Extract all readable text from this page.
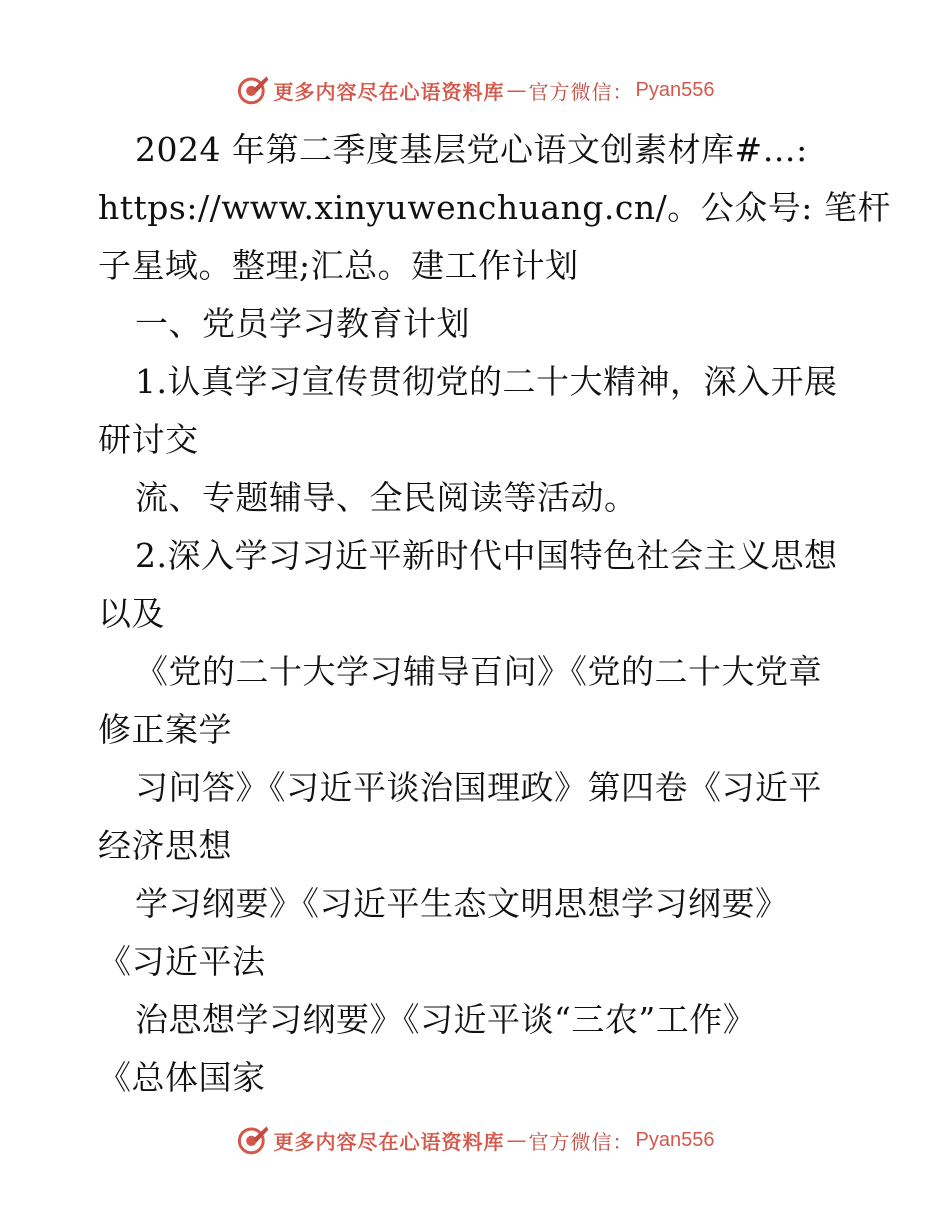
更多内容尽在心语资料库 — 官方微信： Pyan556
2024 年第二季度基层党心语文创素材库#…:
https://www.xinyuwenchuang.cn/。公众号: 笔杆
子星域。整理;汇总。建工作计划
一、党员学习教育计划
1.认真学习宣传贯彻党的二十大精神，深入开展
研讨交
流、专题辅导、全民阅读等活动。
2.深入学习习近平新时代中国特色社会主义思想
以及
《党的二十大学习辅导百问》《党的二十大党章
修正案学
习问答》《习近平谈治国理政》第四卷《习近平
经济思想
学习纲要》《习近平生态文明思想学习纲要》
《习近平法
治思想学习纲要》《习近平谈“三农”工作》
《总体国家
更多内容尽在心语资料库 — 官方微信： Pyan556
